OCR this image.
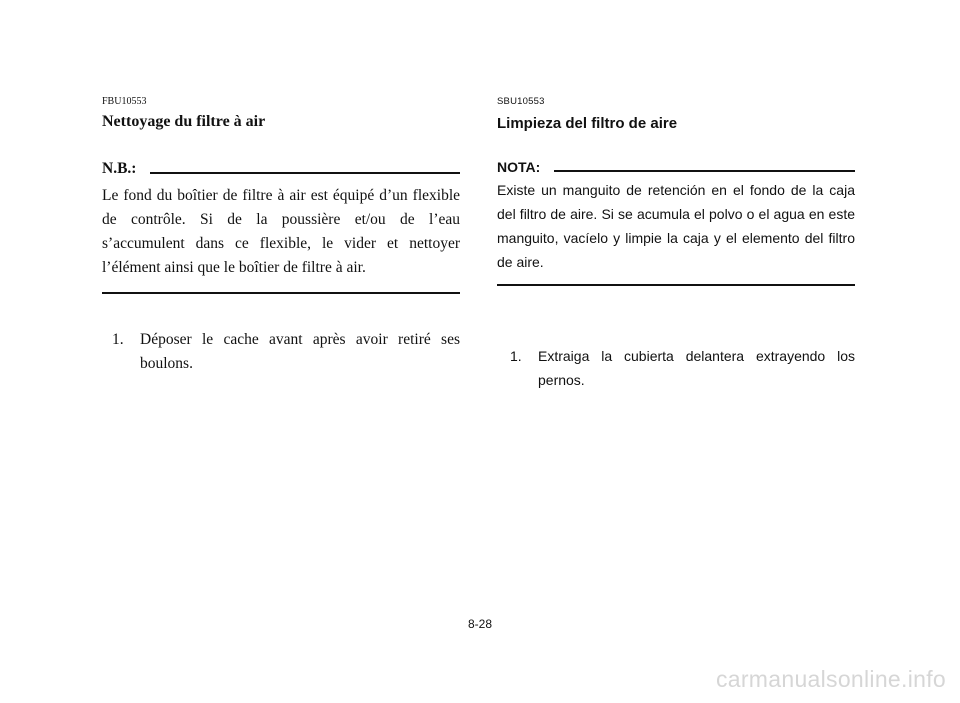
FBU10553
Nettoyage du filtre à air
N.B.:
Le fond du boîtier de filtre à air est équipé d’un flexible de contrôle. Si de la poussière et/ou de l’eau s’accumulent dans ce flexible, le vider et nettoyer l’élément ainsi que le boîtier de filtre à air.
1.	Déposer le cache avant après avoir retiré ses boulons.
SBU10553
Limpieza del filtro de aire
NOTA:
Existe un manguito de retención en el fondo de la caja del filtro de aire. Si se acumula el polvo o el agua en este manguito, vacíelo y limpie la caja y el elemento del filtro de aire.
1.	Extraiga la cubierta delantera extrayendo los pernos.
8-28
carmanualsonline.info
